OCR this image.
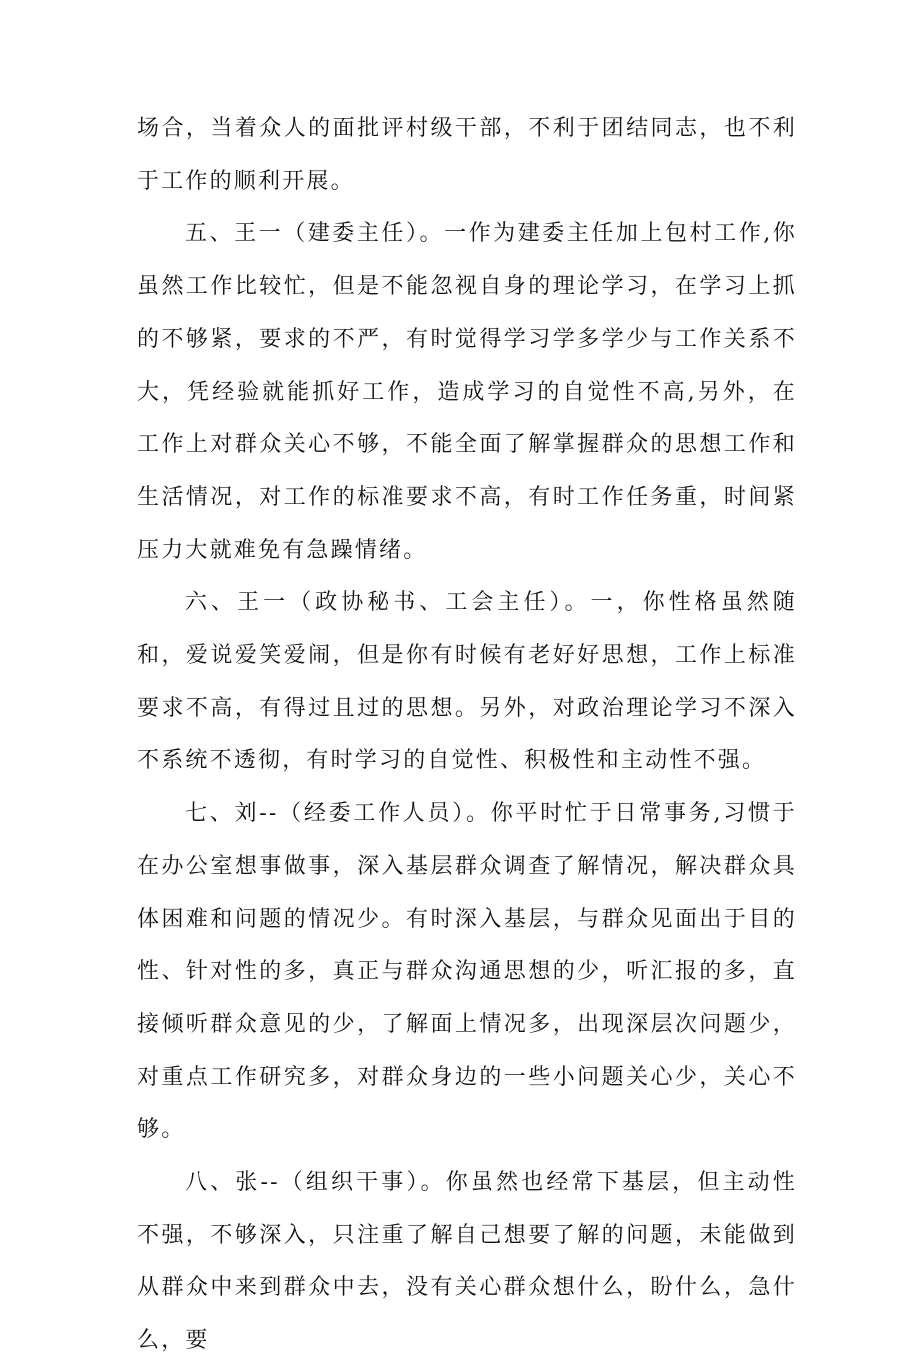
场合，当着众人的面批评村级干部，不利于团结同志，也不利于工作的顺利开展。

五、王一（建委主任）。一作为建委主任加上包村工作,你虽然工作比较忙，但是不能忽视自身的理论学习，在学习上抓的不够紧，要求的不严，有时觉得学习学多学少与工作关系不大，凭经验就能抓好工作，造成学习的自觉性不高,另外，在工作上对群众关心不够，不能全面了解掌握群众的思想工作和生活情况，对工作的标准要求不高，有时工作任务重，时间紧压力大就难免有急躁情绪。

六、王一（政协秘书、工会主任）。一，你性格虽然随和，爱说爱笑爱闹，但是你有时候有老好好思想，工作上标准要求不高，有得过且过的思想。另外，对政治理论学习不深入不系统不透彻，有时学习的自觉性、积极性和主动性不强。

七、刘--（经委工作人员）。你平时忙于日常事务,习惯于在办公室想事做事，深入基层群众调查了解情况，解决群众具体困难和问题的情况少。有时深入基层，与群众见面出于目的性、针对性的多，真正与群众沟通思想的少，听汇报的多，直接倾听群众意见的少，了解面上情况多，出现深层次问题少，对重点工作研究多，对群众身边的一些小问题关心少，关心不够。

八、张--（组织干事）。你虽然也经常下基层，但主动性不强，不够深入，只注重了解自己想要了解的问题，未能做到从群众中来到群众中去，没有关心群众想什么，盼什么，急什么，要
